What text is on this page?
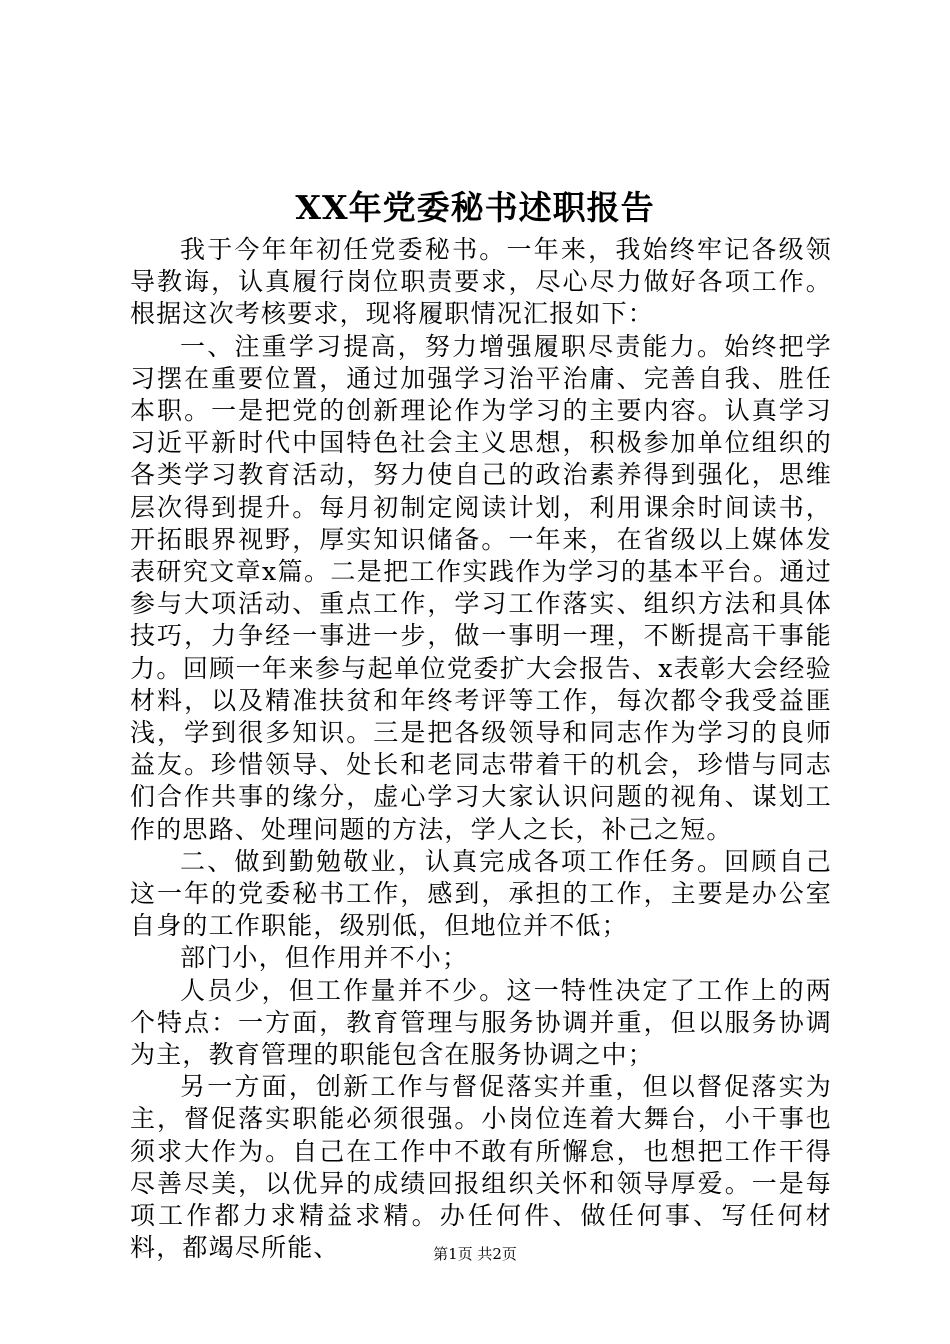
XX年党委秘书述职报告

我于今年年初任党委秘书。一年来，我始终牢记各级领导教诲，认真履行岗位职责要求，尽心尽力做好各项工作。根据这次考核要求，现将履职情况汇报如下：

一、注重学习提高，努力增强履职尽责能力。始终把学习摆在重要位置，通过加强学习治平治庸、完善自我、胜任本职。一是把党的创新理论作为学习的主要内容。认真学习习近平新时代中国特色社会主义思想，积极参加单位组织的各类学习教育活动，努力使自己的政治素养得到强化，思维层次得到提升。每月初制定阅读计划，利用课余时间读书，开拓眼界视野，厚实知识储备。一年来，在省级以上媒体发表研究文章x篇。二是把工作实践作为学习的基本平台。通过参与大项活动、重点工作，学习工作落实、组织方法和具体技巧，力争经一事进一步，做一事明一理，不断提高干事能力。回顾一年来参与起单位党委扩大会报告、x表彰大会经验材料，以及精准扶贫和年终考评等工作，每次都令我受益匪浅，学到很多知识。三是把各级领导和同志作为学习的良师益友。珍惜领导、处长和老同志带着干的机会，珍惜与同志们合作共事的缘分，虚心学习大家认识问题的视角、谋划工作的思路、处理问题的方法，学人之长，补己之短。

二、做到勤勉敬业，认真完成各项工作任务。回顾自己这一年的党委秘书工作，感到，承担的工作，主要是办公室自身的工作职能，级别低，但地位并不低；

部门小，但作用并不小；

人员少，但工作量并不少。这一特性决定了工作上的两个特点：一方面，教育管理与服务协调并重，但以服务协调为主，教育管理的职能包含在服务协调之中；

另一方面，创新工作与督促落实并重，但以督促落实为主，督促落实职能必须很强。小岗位连着大舞台，小干事也须求大作为。自己在工作中不敢有所懈怠，也想把工作干得尽善尽美，以优异的成绩回报组织关怀和领导厚爱。一是每项工作都力求精益求精。办任何件、做任何事、写任何材料，都竭尽所能、	第1页 共2页
